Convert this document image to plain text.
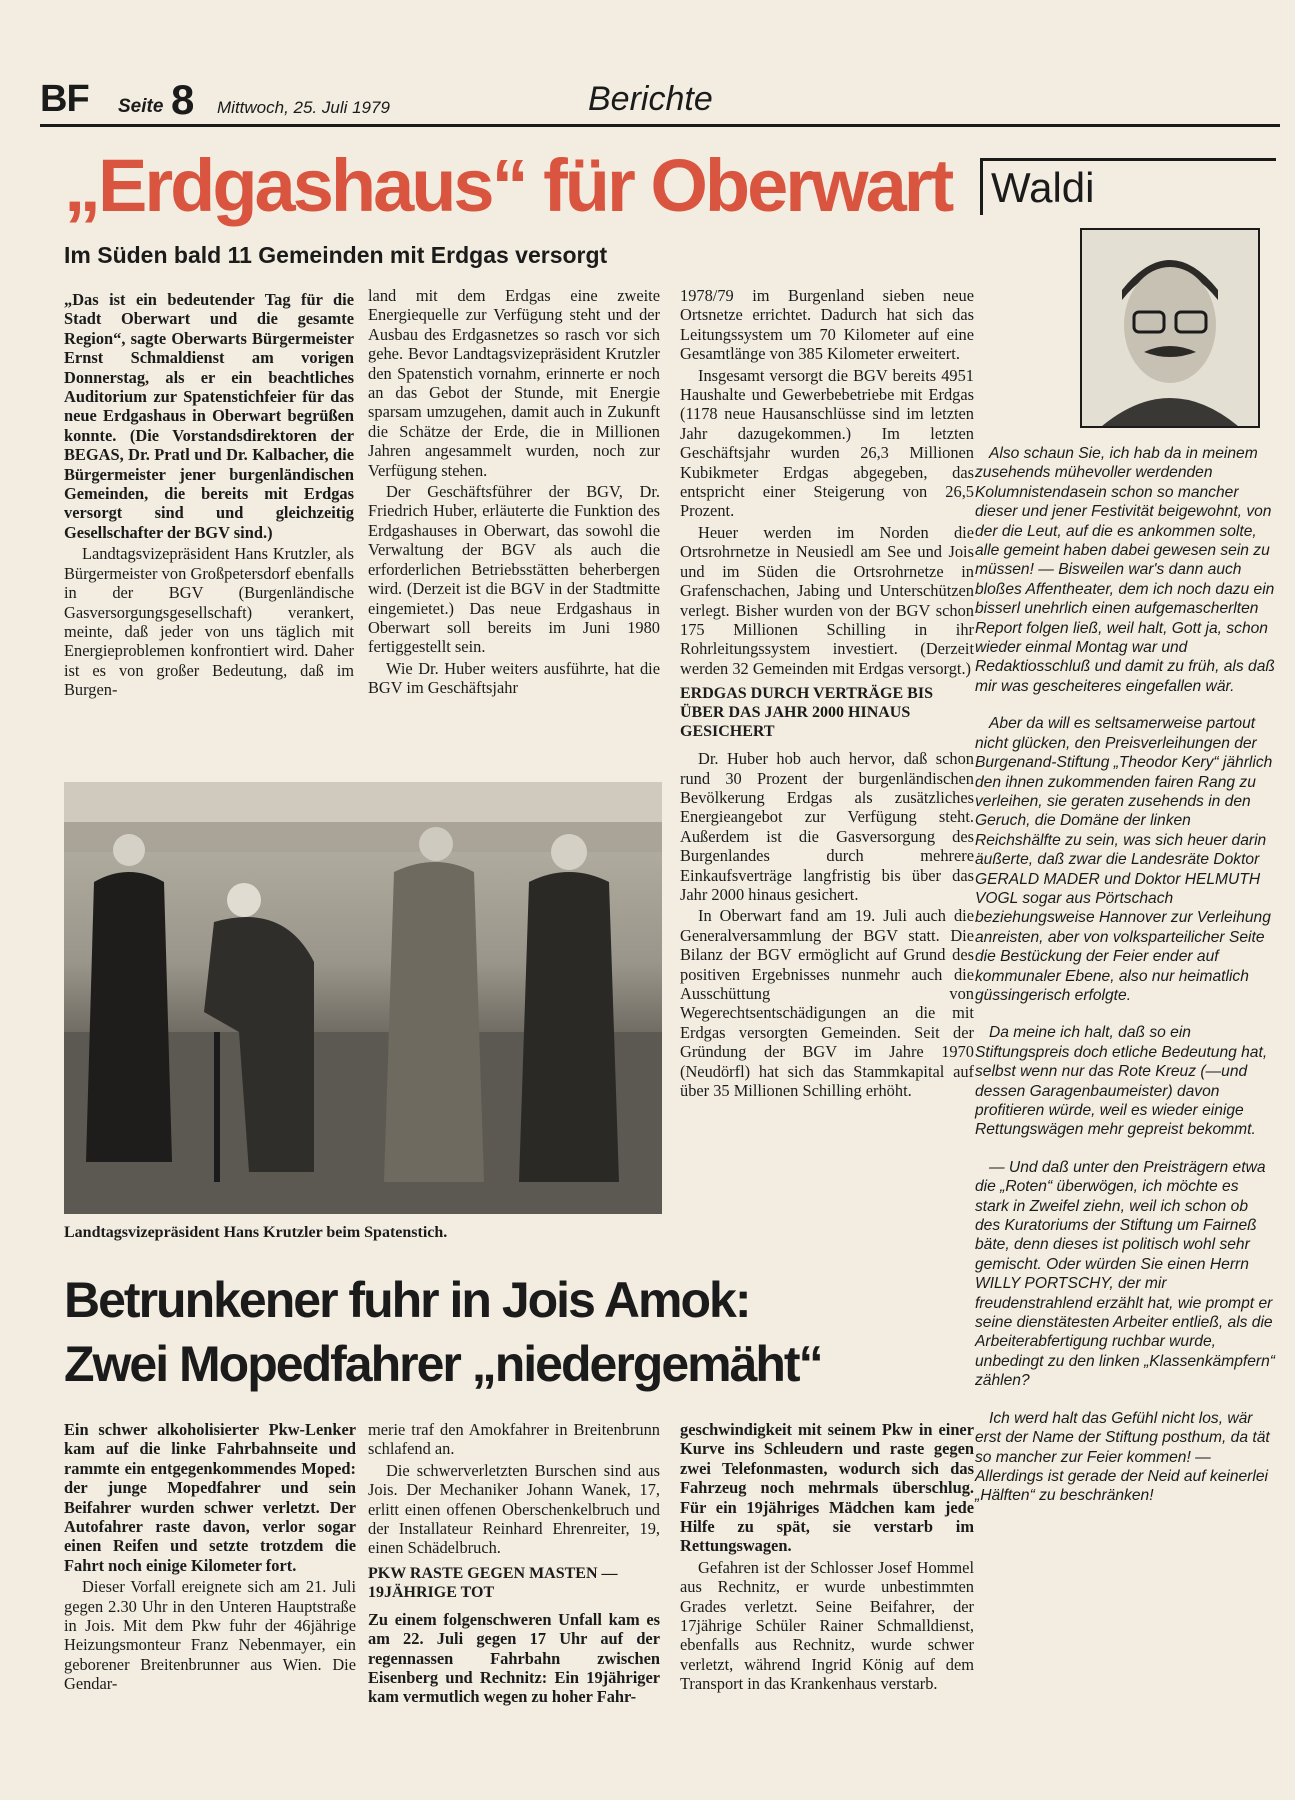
BF Seite 8 Mittwoch, 25. Juli 1979	Berichte
„Erdgashaus“ für Oberwart
Im Süden bald 11 Gemeinden mit Erdgas versorgt

„Das ist ein bedeutender Tag für die Stadt Oberwart und die gesamte Region“, sagte Oberwarts Bürgermeister Ernst Schmaldienst am vorigen Donnerstag, als er ein beachtliches Auditorium zur Spatenstichfeier für das neue Erdgashaus in Oberwart begrüßen konnte. (Die Vorstandsdirektoren der BEGAS, Dr. Pratl und Dr. Kalbacher, die Bürgermeister jener burgenländischen Gemeinden, die bereits mit Erdgas versorgt sind und gleichzeitig Gesellschafter der BGV sind.)

Landtagsvizepräsident Hans Krutzler, als Bürgermeister von Großpetersdorf ebenfalls in der BGV (Burgenländische Gasversorgungsgesellschaft) verankert, meinte, daß jeder von uns täglich mit Energieproblemen konfrontiert wird. Daher ist es von großer Bedeutung, daß im Burgen-

land mit dem Erdgas eine zweite Energiequelle zur Verfügung steht und der Ausbau des Erdgasnetzes so rasch vor sich gehe. Bevor Landtagsvizepräsident Krutzler den Spatenstich vornahm, erinnerte er noch an das Gebot der Stunde, mit Energie sparsam umzugehen, damit auch in Zukunft die Schätze der Erde, die in Millionen Jahren angesammelt wurden, noch zur Verfügung stehen.

Der Geschäftsführer der BGV, Dr. Friedrich Huber, erläuterte die Funktion des Erdgashauses in Oberwart, das sowohl die Verwaltung der BGV als auch die erforderlichen Betriebsstätten beherbergen wird. (Derzeit ist die BGV in der Stadtmitte eingemietet.) Das neue Erdgashaus in Oberwart soll bereits im Juni 1980 fertiggestellt sein.

Wie Dr. Huber weiters ausführte, hat die BGV im Geschäftsjahr

1978/79 im Burgenland sieben neue Ortsnetze errichtet. Dadurch hat sich das Leitungssystem um 70 Kilometer auf eine Gesamtlänge von 385 Kilometer erweitert.

Insgesamt versorgt die BGV bereits 4951 Haushalte und Gewerbebetriebe mit Erdgas (1178 neue Hausanschlüsse sind im letzten Jahr dazugekommen.) Im letzten Geschäftsjahr wurden 26,3 Millionen Kubikmeter Erdgas abgegeben, das entspricht einer Steigerung von 26,5 Prozent.

Heuer werden im Norden die Ortsrohrnetze in Neusiedl am See und Jois und im Süden die Ortsrohrnetze in Grafenschachen, Jabing und Unterschützen verlegt. Bisher wurden von der BGV schon 175 Millionen Schilling in ihr Rohrleitungssystem investiert. (Derzeit werden 32 Gemeinden mit Erdgas versorgt.)

ERDGAS DURCH VERTRÄGE BIS ÜBER DAS JAHR 2000 HINAUS GESICHERT

Dr. Huber hob auch hervor, daß schon rund 30 Prozent der burgenländischen Bevölkerung Erdgas als zusätzliches Energieangebot zur Verfügung steht. Außerdem ist die Gasversorgung des Burgenlandes durch mehrere Einkaufsverträge langfristig bis über das Jahr 2000 hinaus gesichert.

In Oberwart fand am 19. Juli auch die Generalversammlung der BGV statt. Die Bilanz der BGV ermöglicht auf Grund des positiven Ergebnisses nunmehr auch die Ausschüttung von Wegerechtsentschädigungen an die mit Erdgas versorgten Gemeinden. Seit der Gründung der BGV im Jahre 1970 (Neudörfl) hat sich das Stammkapital auf über 35 Millionen Schilling erhöht.

Landtagsvizepräsident Hans Krutzler beim Spatenstich.
Betrunkener fuhr in Jois Amok:
Zwei Mopedfahrer „niedergemäht“

Ein schwer alkoholisierter Pkw-Lenker kam auf die linke Fahrbahnseite und rammte ein entgegenkommendes Moped: der junge Mopedfahrer und sein Beifahrer wurden schwer verletzt. Der Autofahrer raste davon, verlor sogar einen Reifen und setzte trotzdem die Fahrt noch einige Kilometer fort.

Dieser Vorfall ereignete sich am 21. Juli gegen 2.30 Uhr in den Unteren Hauptstraße in Jois. Mit dem Pkw fuhr der 46jährige Heizungsmonteur Franz Nebenmayer, ein geborener Breitenbrunner aus Wien. Die Gendar-

merie traf den Amokfahrer in Breitenbrunn schlafend an.

Die schwerverletzten Burschen sind aus Jois. Der Mechaniker Johann Wanek, 17, erlitt einen offenen Oberschenkelbruch und der Installateur Reinhard Ehrenreiter, 19, einen Schädelbruch.

PKW RASTE GEGEN MASTEN — 19JÄHRIGE TOT

Zu einem folgenschweren Unfall kam es am 22. Juli gegen 17 Uhr auf der regennassen Fahrbahn zwischen Eisenberg und Rechnitz: Ein 19jähriger kam vermutlich wegen zu hoher Fahr-

geschwindigkeit mit seinem Pkw in einer Kurve ins Schleudern und raste gegen zwei Telefonmasten, wodurch sich das Fahrzeug noch mehrmals überschlug. Für ein 19jähriges Mädchen kam jede Hilfe zu spät, sie verstarb im Rettungswagen.

Gefahren ist der Schlosser Josef Hommel aus Rechnitz, er wurde unbestimmten Grades verletzt. Seine Beifahrer, der 17jährige Schüler Rainer Schmalldienst, ebenfalls aus Rechnitz, wurde schwer verletzt, während Ingrid König auf dem Transport in das Krankenhaus verstarb.

Waldi

Also schaun Sie, ich hab da in meinem zusehends mühevoller werdenden Kolumnistendasein schon so mancher dieser und jener Festivität beigewohnt, von der die Leut, auf die es ankommen solte, alle gemeint haben dabei gewesen sein zu müssen! — Bisweilen war's dann auch bloßes Affentheater, dem ich noch dazu ein bisserl unehrlich einen aufgemascherlten Report folgen ließ, weil halt, Gott ja, schon wieder einmal Montag war und Redaktiosschluß und damit zu früh, als daß mir was gescheiteres eingefallen wär.

Aber da will es seltsamerweise partout nicht glücken, den Preisverleihungen der Burgenand-Stiftung „Theodor Kery“ jährlich den ihnen zukommenden fairen Rang zu verleihen, sie geraten zusehends in den Geruch, die Domäne der linken Reichshälfte zu sein, was sich heuer darin äußerte, daß zwar die Landesräte Doktor GERALD MADER und Doktor HELMUTH VOGL sogar aus Pörtschach beziehungsweise Hannover zur Verleihung anreisten, aber von volksparteilicher Seite die Bestückung der Feier ender auf kommunaler Ebene, also nur heimatlich güssingerisch erfolgte.

Da meine ich halt, daß so ein Stiftungspreis doch etliche Bedeutung hat, selbst wenn nur das Rote Kreuz (—und dessen Garagenbaumeister) davon profitieren würde, weil es wieder einige Rettungswägen mehr gepreist bekommt.

— Und daß unter den Preisträgern etwa die „Roten“ überwögen, ich möchte es stark in Zweifel ziehn, weil ich schon ob des Kuratoriums der Stiftung um Fairneß bäte, denn dieses ist politisch wohl sehr gemischt. Oder würden Sie einen Herrn WILLY PORTSCHY, der mir freudenstrahlend erzählt hat, wie prompt er seine dienstätesten Arbeiter entließ, als die Arbeiterabfertigung ruchbar wurde, unbedingt zu den linken „Klassenkämpfern“ zählen?

Ich werd halt das Gefühl nicht los, wär erst der Name der Stiftung posthum, da tät so mancher zur Feier kommen! — Allerdings ist gerade der Neid auf keinerlei „Hälften“ zu beschränken!
